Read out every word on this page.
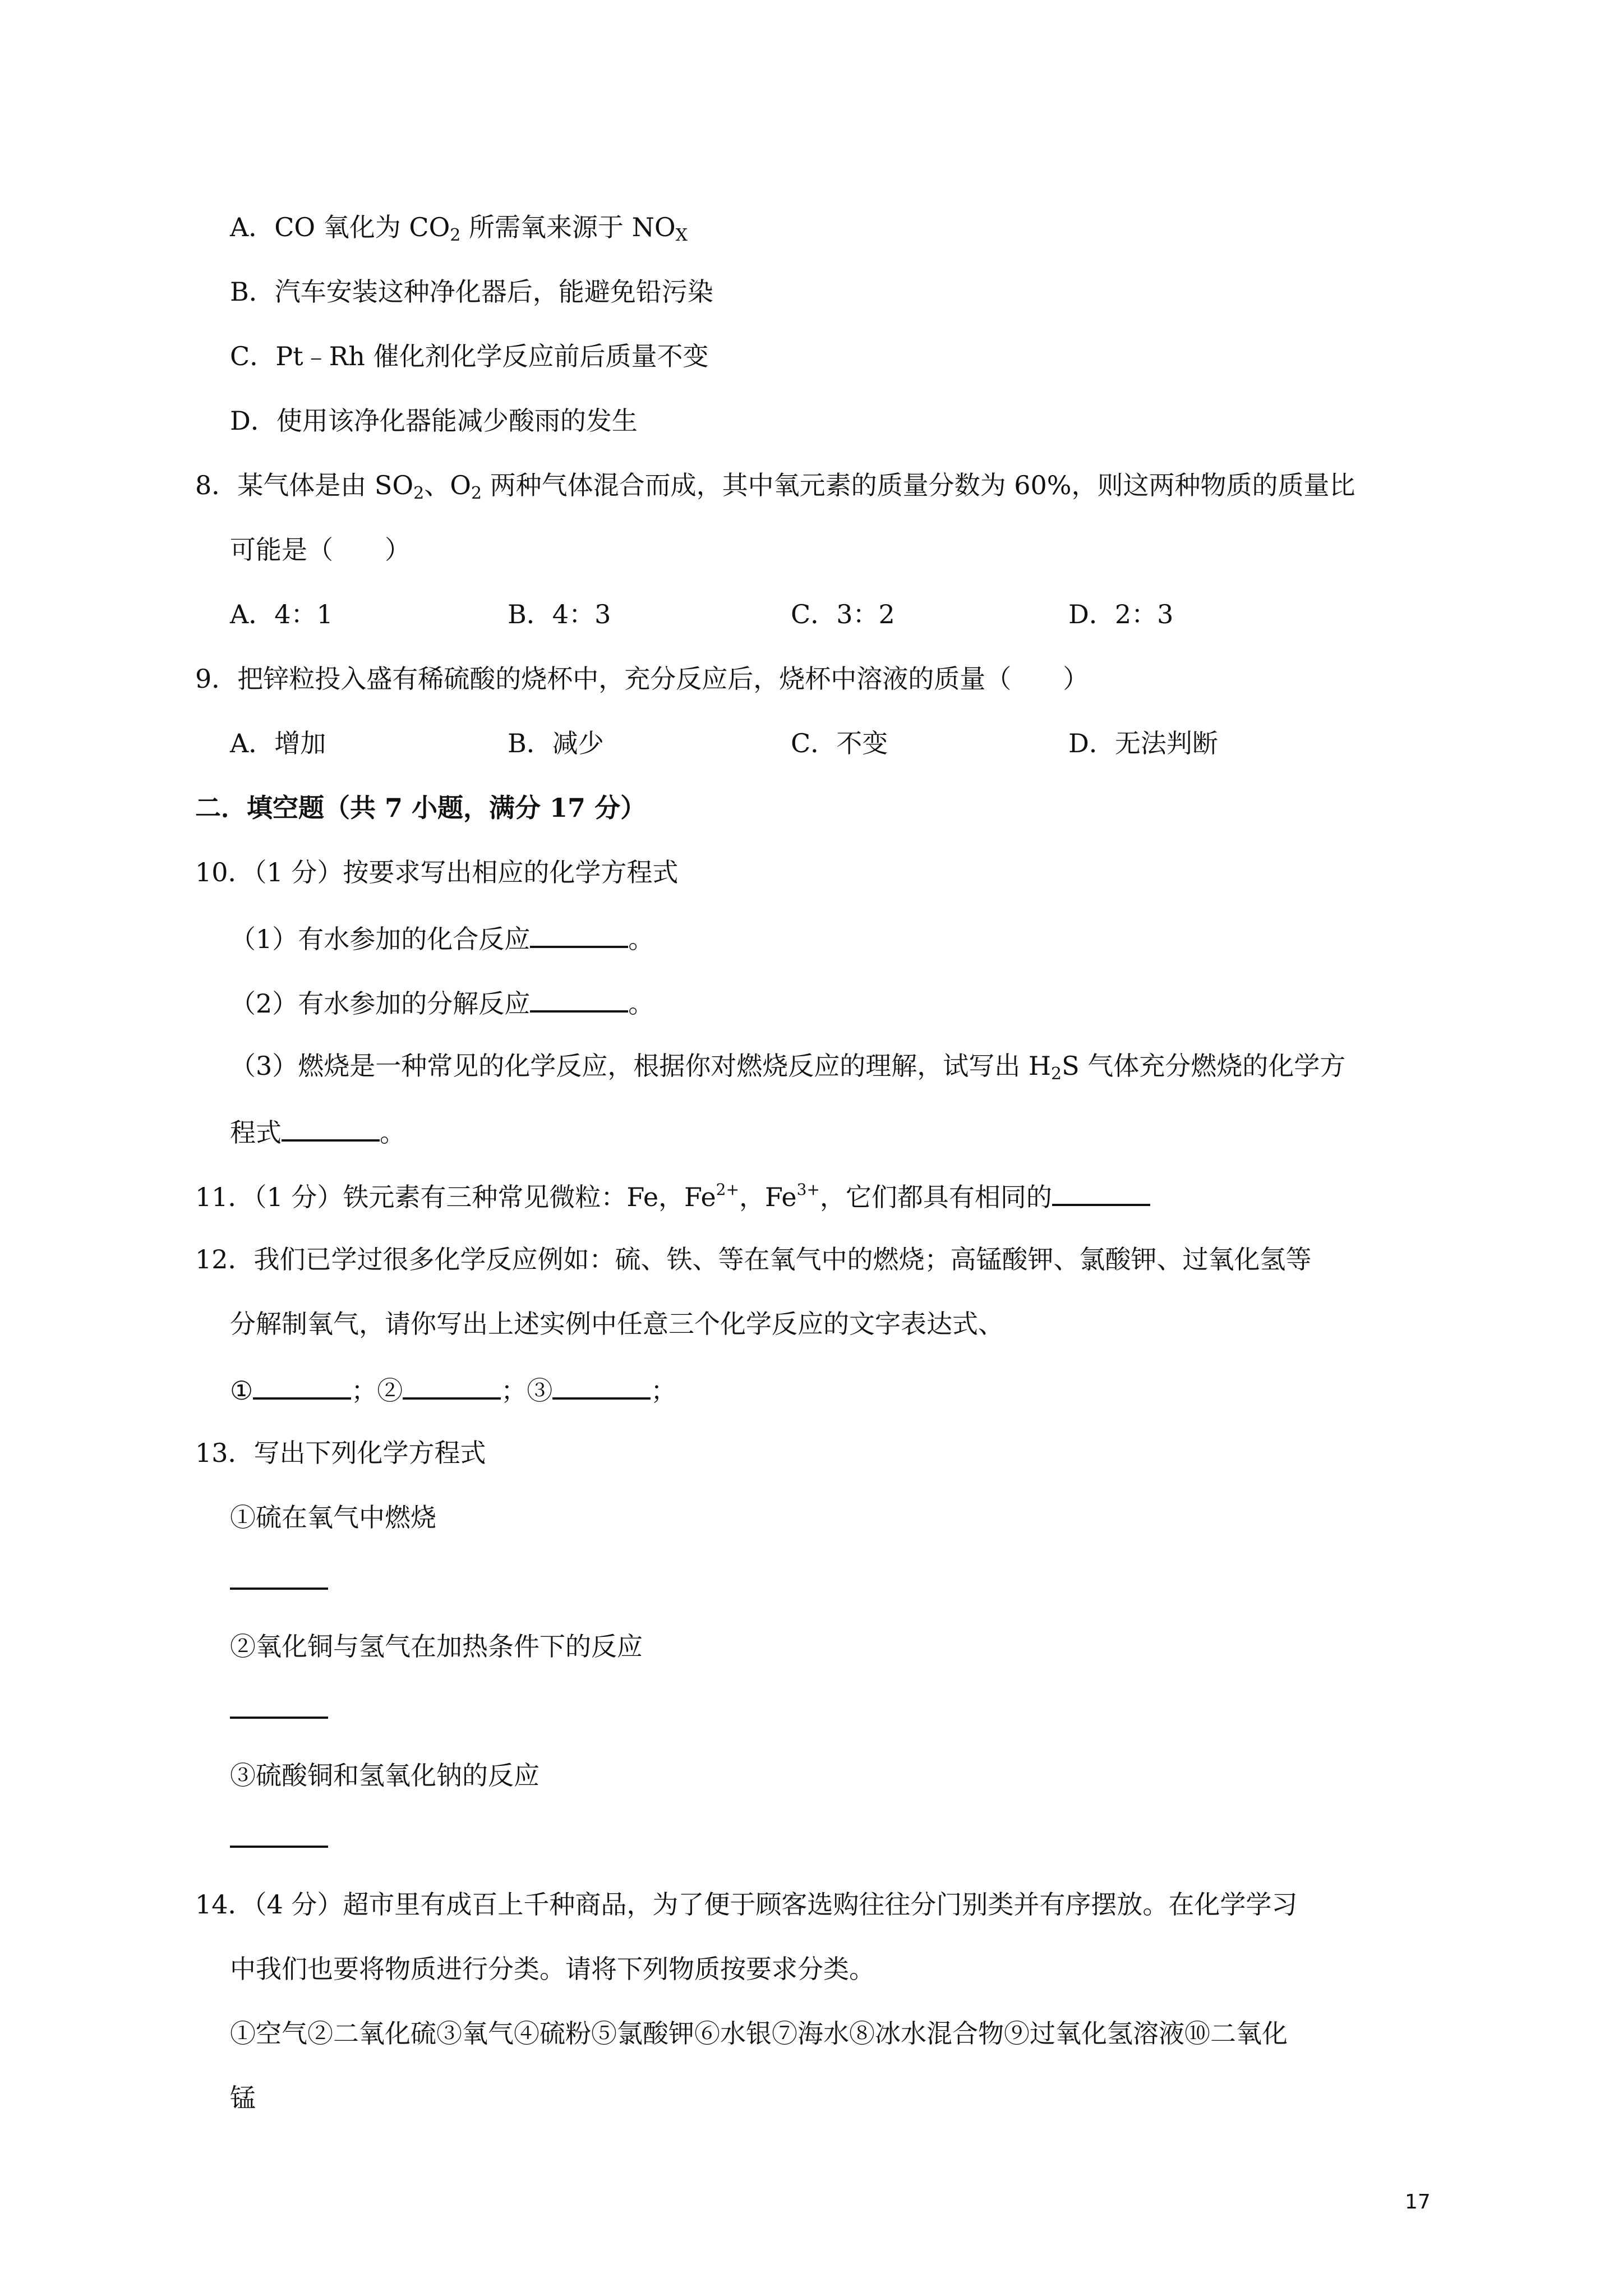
A．CO 氧化为 $CO_2$ 所需氧来源于 $NO_X$
B．汽车安装这种净化器后，能避免铅污染
C．Pt﹣Rh 催化剂化学反应前后质量不变
D．使用该净化器能减少酸雨的发生
8．某气体是由 $SO_2$、$O_2$ 两种气体混合而成，其中氧元素的质量分数为 60%，则这两种物质的质量比
可能是（　　）
A．4：1	B．4：3	C．3：2	D．2：3
9．把锌粒投入盛有稀硫酸的烧杯中，充分反应后，烧杯中溶液的质量（　　）
A．增加	B．减少	C．不变	D．无法判断
二．填空题（共 7 小题，满分 17 分）
10．（1 分）按要求写出相应的化学方程式
（1）有水参加的化合反应	。
（2）有水参加的分解反应	。
（3）燃烧是一种常见的化学反应，根据你对燃烧反应的理解，试写出 $H_2S$ 气体充分燃烧的化学方
程式	。
11．（1 分）铁元素有三种常见微粒：Fe，$Fe^{2+}$，$Fe^{3+}$，它们都具有相同的
12．我们已学过很多化学反应例如：硫、铁、等在氧气中的燃烧；高锰酸钾、氯酸钾、过氧化氢等
分解制氧气，请你写出上述实例中任意三个化学反应的文字表达式、
①	；②	；③	；
13．写出下列化学方程式
①硫在氧气中燃烧
②氧化铜与氢气在加热条件下的反应
③硫酸铜和氢氧化钠的反应
14．（4 分）超市里有成百上千种商品，为了便于顾客选购往往分门别类并有序摆放。在化学学习
中我们也要将物质进行分类。请将下列物质按要求分类。
①空气②二氧化硫③氧气④硫粉⑤氯酸钾⑥水银⑦海水⑧冰水混合物⑨过氧化氢溶液⑩二氧化
锰
17
